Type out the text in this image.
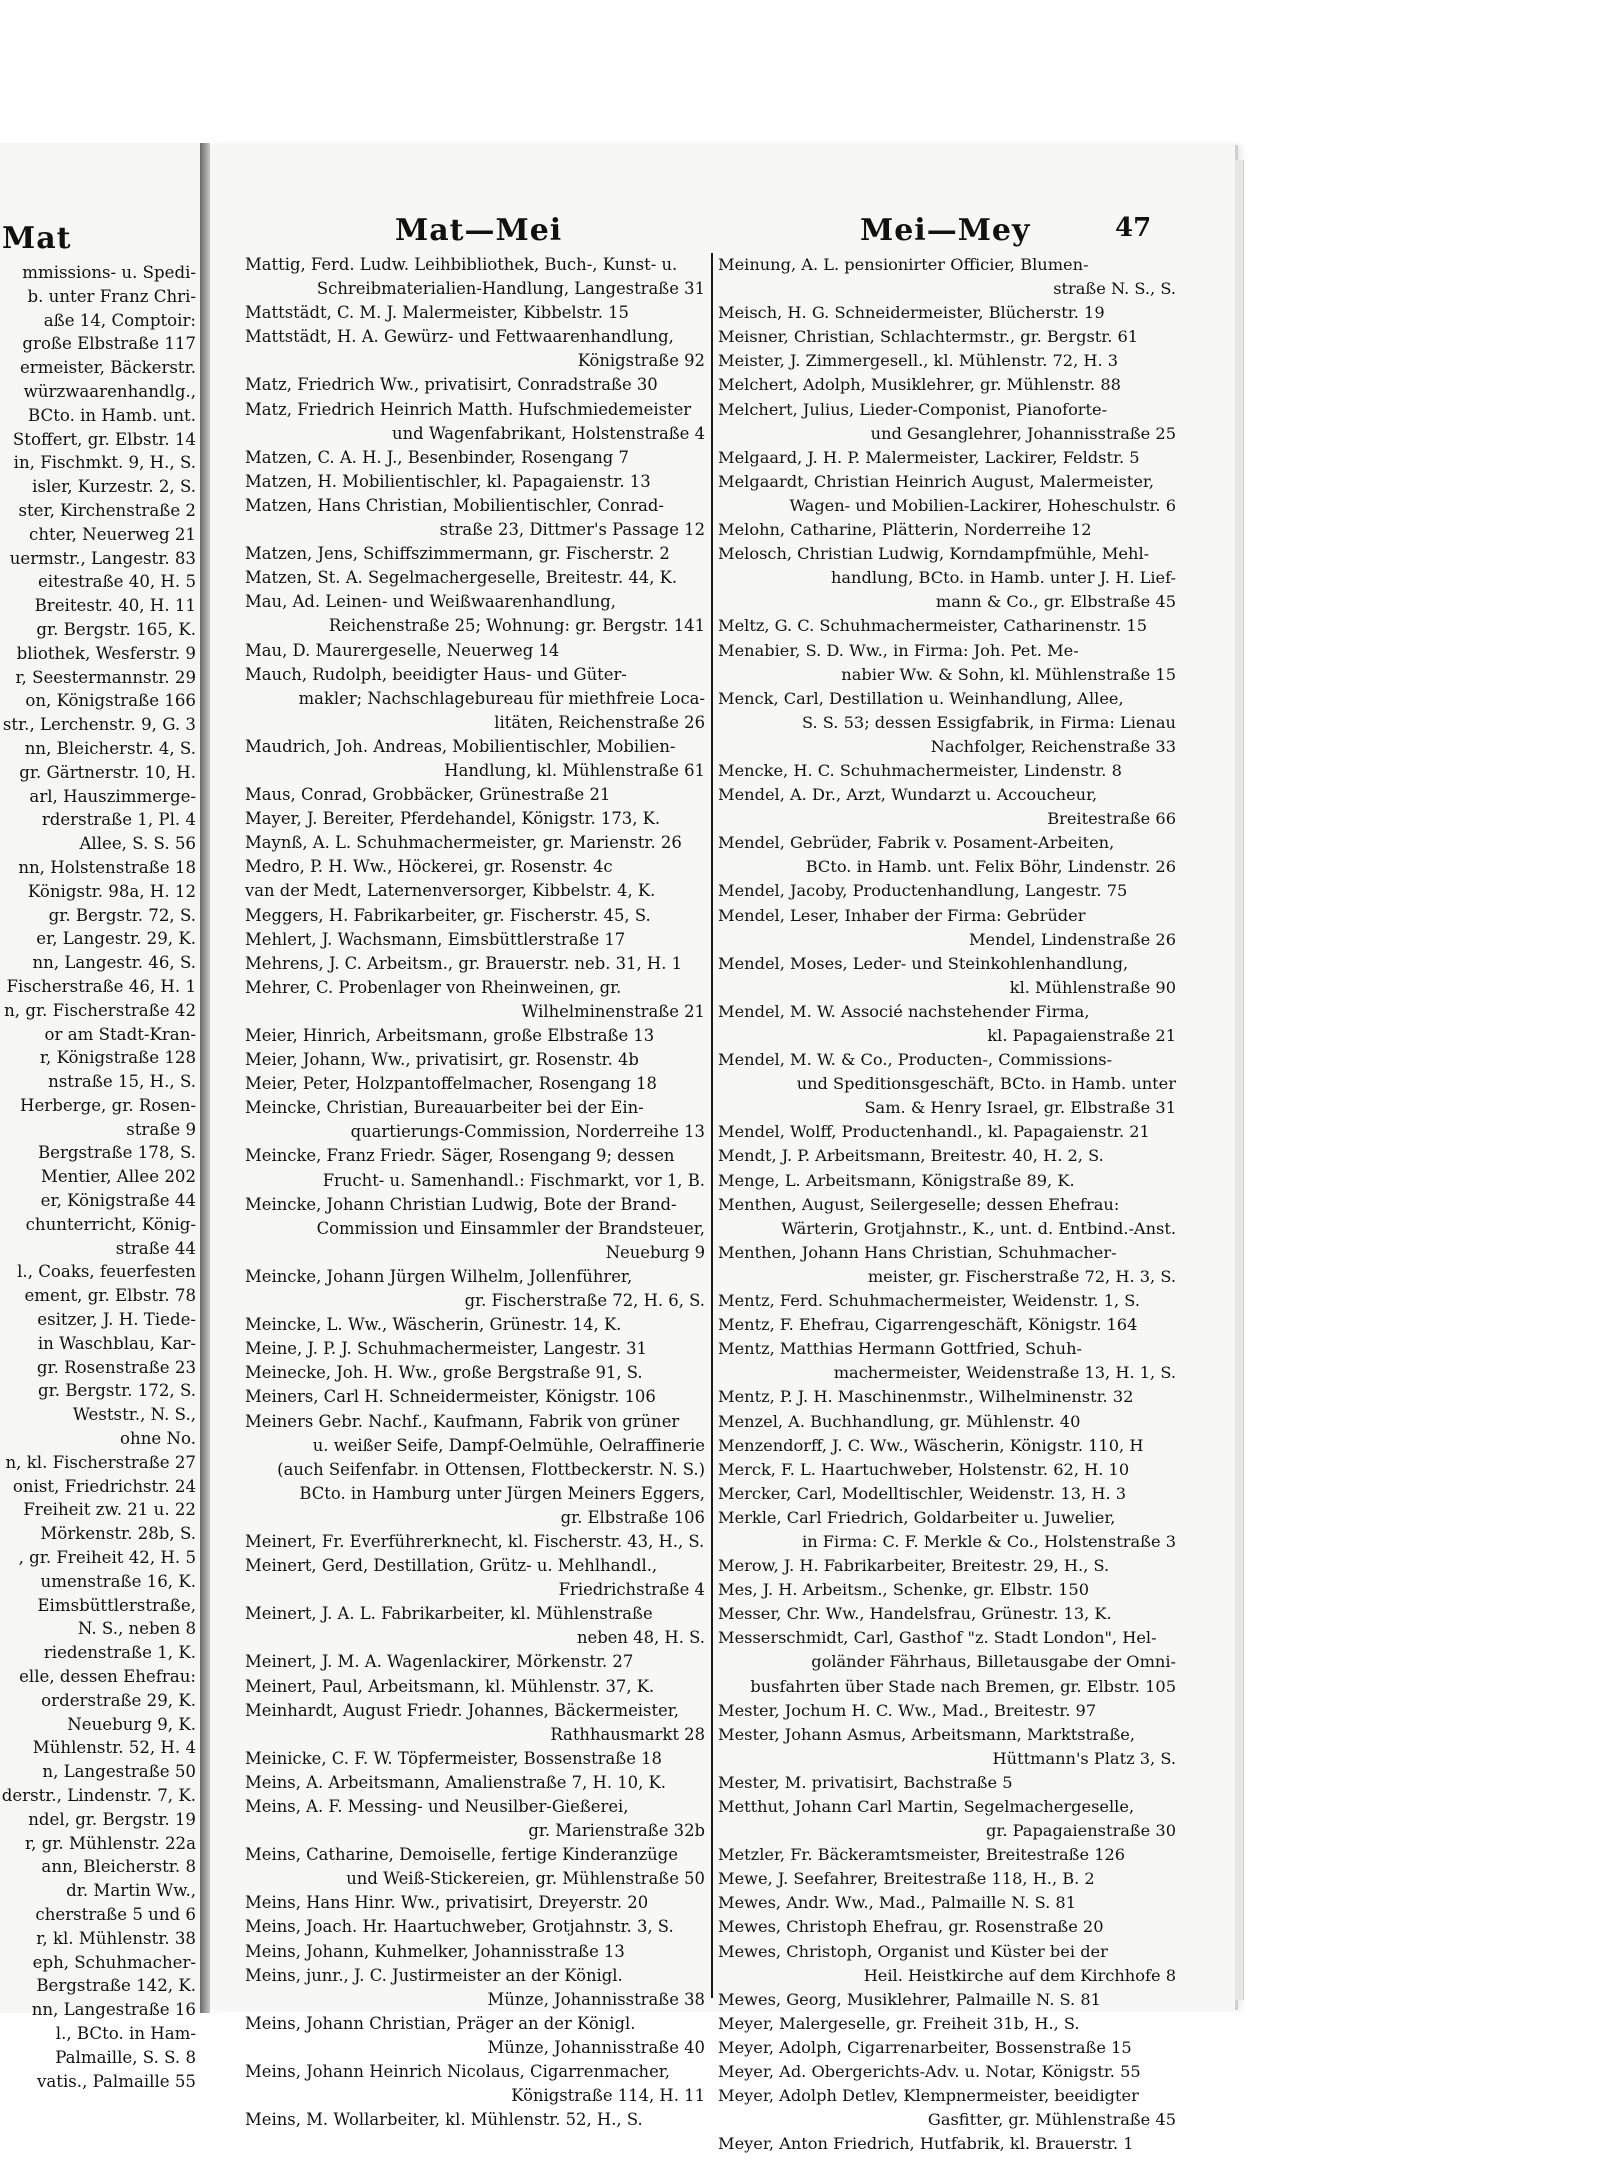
Mat
mmissions- u. Spedi-
b. unter Franz Chri-
aße 14, Comptoir:
große Elbstraße 117
ermeister, Bäckerstr.
würzwaarenhandlg.,
BCto. in Hamb. unt.
Stoffert, gr. Elbstr. 14
in, Fischmkt. 9, H., S.
isler, Kurzestr. 2, S.
ster, Kirchenstraße 2
chter, Neuerweg 21
uermstr., Langestr. 83
eitestraße 40, H. 5
Breitestr. 40, H. 11
gr. Bergstr. 165, K.
bliothek, Wesferstr. 9
r, Seestermannstr. 29
on, Königstraße 166
str., Lerchenstr. 9, G. 3
nn, Bleicherstr. 4, S.
gr. Gärtnerstr. 10, H.
arl, Hauszimmerge-
rderstraße 1, Pl. 4
Allee, S. S. 56
nn, Holstenstraße 18
Königstr. 98a, H. 12
gr. Bergstr. 72, S.
er, Langestr. 29, K.
nn, Langestr. 46, S.
Fischerstraße 46, H. 1
n, gr. Fischerstraße 42
or am Stadt-Kran-
r, Königstraße 128
nstraße 15, H., S.
Herberge, gr. Rosen-
straße 9
Bergstraße 178, S.
Mentier, Allee 202
er, Königstraße 44
chunterricht, König-
straße 44
l., Coaks, feuerfesten
ement, gr. Elbstr. 78
esitzer, J. H. Tiede-
in Waschblau, Kar-
gr. Rosenstraße 23
gr. Bergstr. 172, S.
Weststr., N. S.,
ohne No.
n, kl. Fischerstraße 27
onist, Friedrichstr. 24
Freiheit zw. 21 u. 22
Mörkenstr. 28b, S.
, gr. Freiheit 42, H. 5
umenstraße 16, K.
Eimsbüttlerstraße,
N. S., neben 8
riedenstraße 1, K.
elle, dessen Ehefrau:
orderstraße 29, K.
Neueburg 9, K.
Mühlenstr. 52, H. 4
n, Langestraße 50
derstr., Lindenstr. 7, K.
ndel, gr. Bergstr. 19
r, gr. Mühlenstr. 22a
ann, Bleicherstr. 8
dr. Martin Ww.,
cherstraße 5 und 6
r, kl. Mühlenstr. 38
eph, Schuhmacher-
Bergstraße 142, K.
nn, Langestraße 16
l., BCto. in Ham-
Palmaille, S. S. 8
vatis., Palmaille 55
Mat—Mei	Mei—Mey	47
Mattig, Ferd. Ludw. Leihbibliothek, Buch-, Kunst- u.
Schreibmaterialien-Handlung, Langestraße 31
Mattstädt, C. M. J. Malermeister, Kibbelstr. 15
Mattstädt, H. A. Gewürz- und Fettwaarenhandlung,
Königstraße 92
Matz, Friedrich Ww., privatisirt, Conradstraße 30
Matz, Friedrich Heinrich Matth. Hufschmiedemeister
und Wagenfabrikant, Holstenstraße 4
Matzen, C. A. H. J., Besenbinder, Rosengang 7
Matzen, H. Mobilientischler, kl. Papagaienstr. 13
Matzen, Hans Christian, Mobilientischler, Conrad-
straße 23, Dittmer's Passage 12
Matzen, Jens, Schiffszimmermann, gr. Fischerstr. 2
Matzen, St. A. Segelmachergeselle, Breitestr. 44, K.
Mau, Ad. Leinen- und Weißwaarenhandlung,
Reichenstraße 25; Wohnung: gr. Bergstr. 141
Mau, D. Maurergeselle, Neuerweg 14
Mauch, Rudolph, beeidigter Haus- und Güter-
makler; Nachschlagebureau für miethfreie Loca-
litäten, Reichenstraße 26
Maudrich, Joh. Andreas, Mobilientischler, Mobilien-
Handlung, kl. Mühlenstraße 61
Maus, Conrad, Grobbäcker, Grünestraße 21
Mayer, J. Bereiter, Pferdehandel, Königstr. 173, K.
Maynß, A. L. Schuhmachermeister, gr. Marienstr. 26
Medro, P. H. Ww., Höckerei, gr. Rosenstr. 4c
van der Medt, Laternenversorger, Kibbelstr. 4, K.
Meggers, H. Fabrikarbeiter, gr. Fischerstr. 45, S.
Mehlert, J. Wachsmann, Eimsbüttlerstraße 17
Mehrens, J. C. Arbeitsm., gr. Brauerstr. neb. 31, H. 1
Mehrer, C. Probenlager von Rheinweinen, gr.
Wilhelminenstraße 21
Meier, Hinrich, Arbeitsmann, große Elbstraße 13
Meier, Johann, Ww., privatisirt, gr. Rosenstr. 4b
Meier, Peter, Holzpantoffelmacher, Rosengang 18
Meincke, Christian, Bureauarbeiter bei der Ein-
quartierungs-Commission, Norderreihe 13
Meincke, Franz Friedr. Säger, Rosengang 9; dessen
Frucht- u. Samenhandl.: Fischmarkt, vor 1, B.
Meincke, Johann Christian Ludwig, Bote der Brand-
Commission und Einsammler der Brandsteuer,
Neueburg 9
Meincke, Johann Jürgen Wilhelm, Jollenführer,
gr. Fischerstraße 72, H. 6, S.
Meincke, L. Ww., Wäscherin, Grünestr. 14, K.
Meine, J. P. J. Schuhmachermeister, Langestr. 31
Meinecke, Joh. H. Ww., große Bergstraße 91, S.
Meiners, Carl H. Schneidermeister, Königstr. 106
Meiners Gebr. Nachf., Kaufmann, Fabrik von grüner
u. weißer Seife, Dampf-Oelmühle, Oelraffinerie
(auch Seifenfabr. in Ottensen, Flottbeckerstr. N. S.)
BCto. in Hamburg unter Jürgen Meiners Eggers,
gr. Elbstraße 106
Meinert, Fr. Everführerknecht, kl. Fischerstr. 43, H., S.
Meinert, Gerd, Destillation, Grütz- u. Mehlhandl.,
Friedrichstraße 4
Meinert, J. A. L. Fabrikarbeiter, kl. Mühlenstraße
neben 48, H. S.
Meinert, J. M. A. Wagenlackirer, Mörkenstr. 27
Meinert, Paul, Arbeitsmann, kl. Mühlenstr. 37, K.
Meinhardt, August Friedr. Johannes, Bäckermeister,
Rathhausmarkt 28
Meinicke, C. F. W. Töpfermeister, Bossenstraße 18
Meins, A. Arbeitsmann, Amalienstraße 7, H. 10, K.
Meins, A. F. Messing- und Neusilber-Gießerei,
gr. Marienstraße 32b
Meins, Catharine, Demoiselle, fertige Kinderanzüge
und Weiß-Stickereien, gr. Mühlenstraße 50
Meins, Hans Hinr. Ww., privatisirt, Dreyerstr. 20
Meins, Joach. Hr. Haartuchweber, Grotjahnstr. 3, S.
Meins, Johann, Kuhmelker, Johannisstraße 13
Meins, junr., J. C. Justirmeister an der Königl.
Münze, Johannisstraße 38
Meins, Johann Christian, Präger an der Königl.
Münze, Johannisstraße 40
Meins, Johann Heinrich Nicolaus, Cigarrenmacher,
Königstraße 114, H. 11
Meins, M. Wollarbeiter, kl. Mühlenstr. 52, H., S.
Meinung, A. L. pensionirter Officier, Blumen-
straße N. S., S.
Meisch, H. G. Schneidermeister, Blücherstr. 19
Meisner, Christian, Schlachtermstr., gr. Bergstr. 61
Meister, J. Zimmergesell., kl. Mühlenstr. 72, H. 3
Melchert, Adolph, Musiklehrer, gr. Mühlenstr. 88
Melchert, Julius, Lieder-Componist, Pianoforte-
und Gesanglehrer, Johannisstraße 25
Melgaard, J. H. P. Malermeister, Lackirer, Feldstr. 5
Melgaardt, Christian Heinrich August, Malermeister,
Wagen- und Mobilien-Lackirer, Hoheschulstr. 6
Melohn, Catharine, Plätterin, Norderreihe 12
Melosch, Christian Ludwig, Korndampfmühle, Mehl-
handlung, BCto. in Hamb. unter J. H. Lief-
mann & Co., gr. Elbstraße 45
Meltz, G. C. Schuhmachermeister, Catharinenstr. 15
Menabier, S. D. Ww., in Firma: Joh. Pet. Me-
nabier Ww. & Sohn, kl. Mühlenstraße 15
Menck, Carl, Destillation u. Weinhandlung, Allee,
S. S. 53; dessen Essigfabrik, in Firma: Lienau
Nachfolger, Reichenstraße 33
Mencke, H. C. Schuhmachermeister, Lindenstr. 8
Mendel, A. Dr., Arzt, Wundarzt u. Accoucheur,
Breitestraße 66
Mendel, Gebrüder, Fabrik v. Posament-Arbeiten,
BCto. in Hamb. unt. Felix Böhr, Lindenstr. 26
Mendel, Jacoby, Productenhandlung, Langestr. 75
Mendel, Leser, Inhaber der Firma: Gebrüder
Mendel, Lindenstraße 26
Mendel, Moses, Leder- und Steinkohlenhandlung,
kl. Mühlenstraße 90
Mendel, M. W. Associé nachstehender Firma,
kl. Papagaienstraße 21
Mendel, M. W. & Co., Producten-, Commissions-
und Speditionsgeschäft, BCto. in Hamb. unter
Sam. & Henry Israel, gr. Elbstraße 31
Mendel, Wolff, Productenhandl., kl. Papagaienstr. 21
Mendt, J. P. Arbeitsmann, Breitestr. 40, H. 2, S.
Menge, L. Arbeitsmann, Königstraße 89, K.
Menthen, August, Seilergeselle; dessen Ehefrau:
Wärterin, Grotjahnstr., K., unt. d. Entbind.-Anst.
Menthen, Johann Hans Christian, Schuhmacher-
meister, gr. Fischerstraße 72, H. 3, S.
Mentz, Ferd. Schuhmachermeister, Weidenstr. 1, S.
Mentz, F. Ehefrau, Cigarrengeschäft, Königstr. 164
Mentz, Matthias Hermann Gottfried, Schuh-
machermeister, Weidenstraße 13, H. 1, S.
Mentz, P. J. H. Maschinenmstr., Wilhelminenstr. 32
Menzel, A. Buchhandlung, gr. Mühlenstr. 40
Menzendorff, J. C. Ww., Wäscherin, Königstr. 110, H
Merck, F. L. Haartuchweber, Holstenstr. 62, H. 10
Mercker, Carl, Modelltischler, Weidenstr. 13, H. 3
Merkle, Carl Friedrich, Goldarbeiter u. Juwelier,
in Firma: C. F. Merkle & Co., Holstenstraße 3
Merow, J. H. Fabrikarbeiter, Breitestr. 29, H., S.
Mes, J. H. Arbeitsm., Schenke, gr. Elbstr. 150
Messer, Chr. Ww., Handelsfrau, Grünestr. 13, K.
Messerschmidt, Carl, Gasthof "z. Stadt London", Hel-
goländer Fährhaus, Billetausgabe der Omni-
busfahrten über Stade nach Bremen, gr. Elbstr. 105
Mester, Jochum H. C. Ww., Mad., Breitestr. 97
Mester, Johann Asmus, Arbeitsmann, Marktstraße,
Hüttmann's Platz 3, S.
Mester, M. privatisirt, Bachstraße 5
Metthut, Johann Carl Martin, Segelmachergeselle,
gr. Papagaienstraße 30
Metzler, Fr. Bäckeramtsmeister, Breitestraße 126
Mewe, J. Seefahrer, Breitestraße 118, H., B. 2
Mewes, Andr. Ww., Mad., Palmaille N. S. 81
Mewes, Christoph Ehefrau, gr. Rosenstraße 20
Mewes, Christoph, Organist und Küster bei der
Heil. Heistkirche auf dem Kirchhofe 8
Mewes, Georg, Musiklehrer, Palmaille N. S. 81
Meyer, Malergeselle, gr. Freiheit 31b, H., S.
Meyer, Adolph, Cigarrenarbeiter, Bossenstraße 15
Meyer, Ad. Obergerichts-Adv. u. Notar, Königstr. 55
Meyer, Adolph Detlev, Klempnermeister, beeidigter
Gasfitter, gr. Mühlenstraße 45
Meyer, Anton Friedrich, Hutfabrik, kl. Brauerstr. 1
